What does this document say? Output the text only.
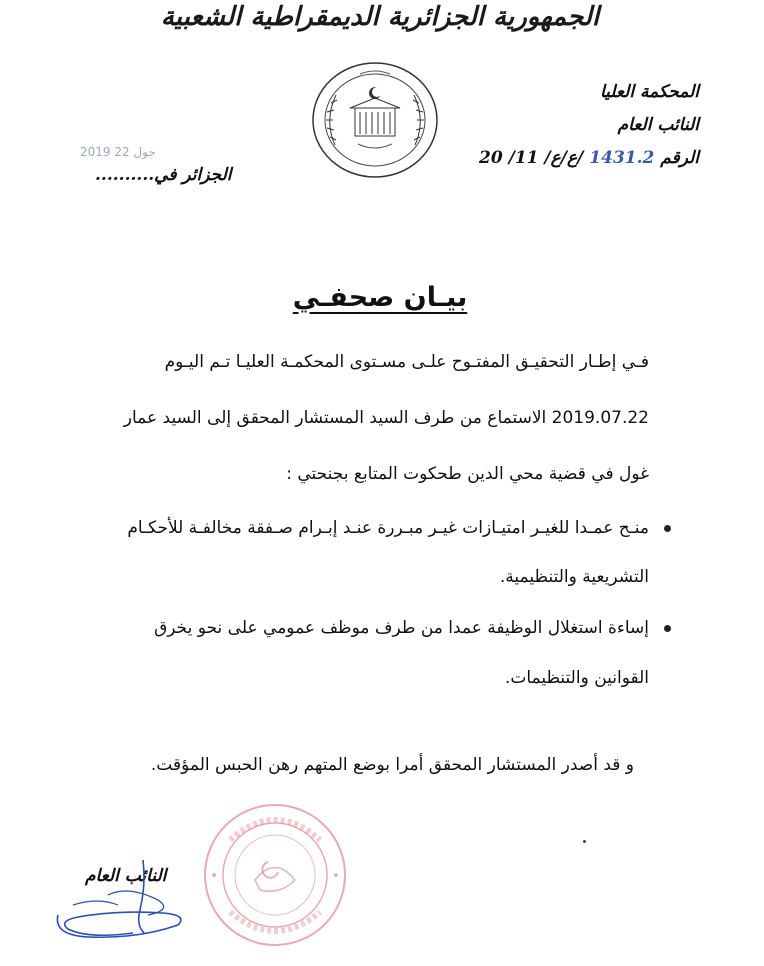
الجمهورية الجزائرية الديمقراطية الشعبية
المحكمة العليا
النائب العام
الرقم 1431.2 /ع/ع/ 11/ 20
2019 جول 22
الجزائر في..........
بيـان صحفـي
فـي إطـار التحقيـق المفتـوح علـى مسـتوى المحكمـة العليـا تـم اليـوم
2019.07.22 الاستماع من طرف السيد المستشار المحقق إلى السيد عمار
غول في قضية محي الدين طحكوت المتابع بجنحتي :
منـح عمـدا للغيـر امتيـازات غيـر مبـررة عنـد إبـرام صـفقة مخالفـة للأحكـام
التشريعية والتنظيمية.
إساءة استغلال الوظيفة عمدا من طرف موظف عمومي على نحو يخرق
القوانين والتنظيمات.
و قد أصدر المستشار المحقق أمرا بوضع المتهم رهن الحبس المؤقت.
النائب العام
